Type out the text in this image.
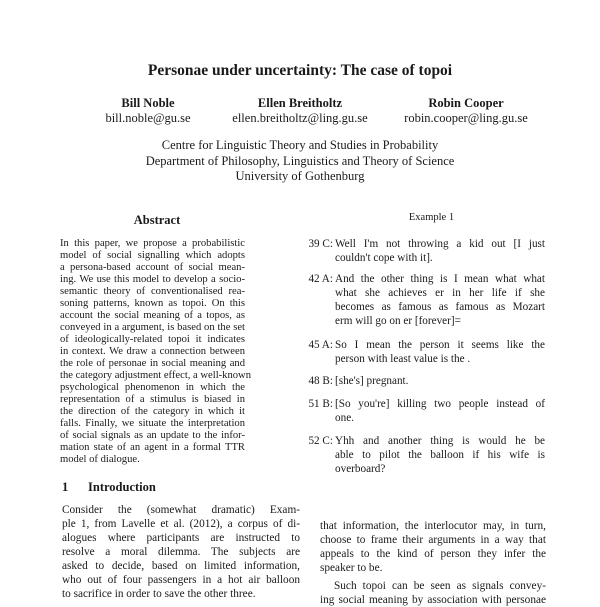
Personae under uncertainty: The case of topoi
Bill Noble
bill.noble@gu.se
Ellen Breitholtz
ellen.breitholtz@ling.gu.se
Robin Cooper
robin.cooper@ling.gu.se
Centre for Linguistic Theory and Studies in Probability
Department of Philosophy, Linguistics and Theory of Science
University of Gothenburg
Abstract
In this paper, we propose a probabilistic
model of social signalling which adopts
a persona-based account of social mean-
ing. We use this model to develop a socio-
semantic theory of conventionalised rea-
soning patterns, known as topoi. On this
account the social meaning of a topos, as
conveyed in a argument, is based on the set
of ideologically-related topoi it indicates
in context. We draw a connection between
the role of personae in social meaning and
the category adjustment effect, a well-known
psychological phenomenon in which the
representation of a stimulus is biased in
the direction of the category in which it
falls. Finally, we situate the interpretation
of social signals as an update to the infor-
mation state of an agent in a formal TTR
model of dialogue.
Example 1
39 C: Well I'm not throwing a kid out [I just
couldn't cope with it].
42 A: And the other thing is I mean what what
what she achieves er in her life if she
becomes as famous as famous as Mozart
erm will go on er [forever]=
45 A: So I mean the person it seems like the
person with least value is the .
48 B: [she's] pregnant.
51 B: [So you're] killing two people instead of
one.
52 C: Yhh and another thing is would he be
able to pilot the balloon if his wife is
overboard?
1 Introduction
Consider the (somewhat dramatic) Exam-
ple 1, from Lavelle et al. (2012), a corpus of di-
alogues where participants are instructed to
resolve a moral dilemma. The subjects are
asked to decide, based on limited information,
who out of four passengers in a hot air balloon
to sacrifice in order to save the other three.
that information, the interlocutor may, in turn,
choose to frame their arguments in a way that
appeals to the kind of person they infer the
speaker to be.
Such topoi can be seen as signals convey-
ing social meaning by association with personae
